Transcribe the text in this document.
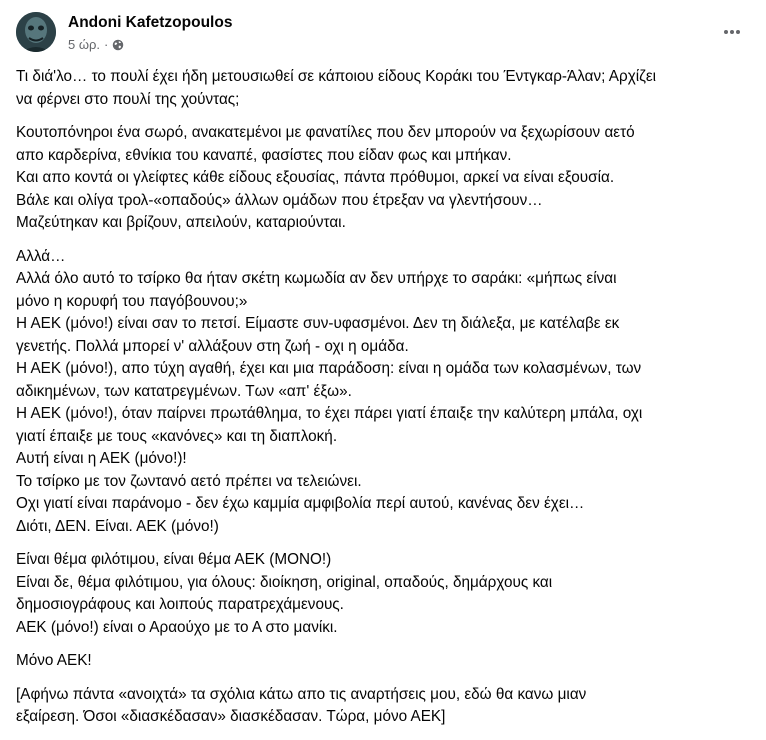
Andoni Kafetzopoulos
5 ώρ. ·

Τι διά'λο… το πουλί έχει ήδη μετουσιωθεί σε κάποιου είδους Κοράκι του Έντγκαρ-Άλαν; Αρχίζει
να φέρνει στο πουλί της χούντας;

Κουτοπόνηροι ένα σωρό, ανακατεμένοι με φανατίλες που δεν μπορούν να ξεχωρίσουν αετό
απο καρδερίνα, εθνίκια του καναπέ, φασίστες που είδαν φως και μπήκαν.
Και απο κοντά οι γλείφτες κάθε είδους εξουσίας, πάντα πρόθυμοι, αρκεί να είναι εξουσία.
Βάλε και ολίγα τρολ-«οπαδούς» άλλων ομάδων που έτρεξαν να γλεντήσουν…
Μαζεύτηκαν και βρίζουν, απειλούν, καταριούνται.

Αλλά…
Αλλά όλο αυτό το τσίρκο θα ήταν σκέτη κωμωδία αν δεν υπήρχε το σαράκι: «μήπως είναι
μόνο η κορυφή του παγόβουνου;»
Η ΑΕΚ (μόνο!) είναι σαν το πετσί. Είμαστε συν-υφασμένοι. Δεν τη διάλεξα, με κατέλαβε εκ
γενετής. Πολλά μπορεί ν' αλλάξουν στη ζωή - οχι η ομάδα.
Η ΑΕΚ (μόνο!), απο τύχη αγαθή, έχει και μια παράδοση: είναι η ομάδα των κολασμένων, των
αδικημένων, των κατατρεγμένων. Των «απ' έξω».
Η ΑΕΚ (μόνο!), όταν παίρνει πρωτάθλημα, το έχει πάρει γιατί έπαιξε την καλύτερη μπάλα, οχι
γιατί έπαιξε με τους «κανόνες» και τη διαπλοκή.
Αυτή είναι η ΑΕΚ (μόνο!)!
Το τσίρκο με τον ζωντανό αετό πρέπει να τελειώνει.
Οχι γιατί είναι παράνομο - δεν έχω καμμία αμφιβολία περί αυτού, κανένας δεν έχει…
Διότι, ΔΕΝ. Είναι. ΑΕΚ (μόνο!)

Είναι θέμα φιλότιμου, είναι θέμα ΑΕΚ (ΜΟΝΟ!)
Είναι δε, θέμα φιλότιμου, για όλους: διοίκηση, original, οπαδούς, δημάρχους και
δημοσιογράφους και λοιπούς παρατρεχάμενους.
ΑΕΚ (μόνο!) είναι ο Αραούχο με το Α στο μανίκι.

Μόνο ΑΕΚ!

[Αφήνω πάντα «ανοιχτά» τα σχόλια κάτω απο τις αναρτήσεις μου, εδώ θα κανω μιαν
εξαίρεση. Όσοι «διασκέδασαν» διασκέδασαν. Τώρα, μόνο ΑΕΚ]
